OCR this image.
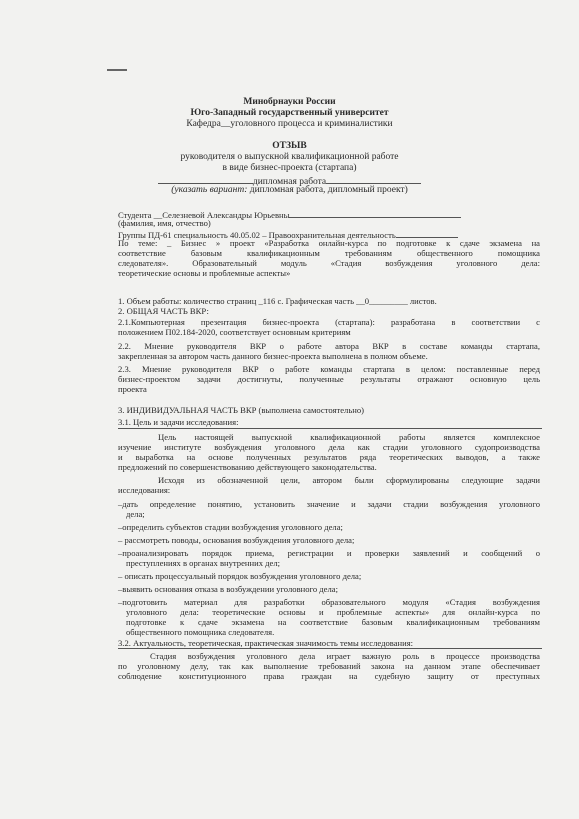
Минобрнауки России
Юго-Западный государственный университет
Кафедра__уголовного процесса и криминалистики
ОТЗЫВ
руководителя о выпускной квалификационной работе
в виде бизнес-проекта (стартапа)
дипломная работа
(указать вариант: дипломная работа, дипломный проект)
Студента __Селезневой Александры Юрьевны
(фамилия, имя, отчество)
Группы ПД-61 специальность 40.05.02 – Правоохранительная деятельность
По теме: _ Бизнес » проект «Разработка онлайн-курса по подготовке к сдаче экзамена на
соответствие базовым квалификационным требованиям общественного помощника
следователя». Образовательный модуль «Стадия возбуждения уголовного дела:
теоретические основы и проблемные аспекты»
1. Объем работы: количество страниц _116 с. Графическая часть __0_________ листов.
2. ОБЩАЯ ЧАСТЬ ВКР:
2.1.Компьютерная презентация бизнес-проекта (стартапа): разработана в соответствии с
положением П02.184-2020, соответствует основным критериям
2.2. Мнение руководителя ВКР о работе автора ВКР в составе команды стартапа,
закрепленная за автором часть данного бизнес-проекта выполнена в полном объеме.
2.3. Мнение руководителя ВКР о работе команды стартапа в целом: поставленные перед
бизнес-проектом задачи достигнуты, полученные результаты отражают основную цель
проекта
3. ИНДИВИДУАЛЬНАЯ ЧАСТЬ ВКР (выполнена самостоятельно)
3.1. Цель и задачи исследования:
Цель настоящей выпускной квалификационной работы является комплексное
изучение институте возбуждения уголовного дела как стадии уголовного судопроизводства
и выработка на основе полученных результатов ряда теоретических выводов, а также
предложений по совершенствованию действующего законодательства.
Исходя из обозначенной цели, автором были сформулированы следующие задачи
исследования:
–дать определение понятию, установить значение и задачи стадии возбуждения уголовного
дела;
–определить субъектов стадии возбуждения уголовного дела;
– рассмотреть поводы, основания возбуждения уголовного дела;
–проанализировать порядок приема, регистрации и проверки заявлений и сообщений о
преступлениях в органах внутренних дел;
– описать процессуальный порядок возбуждения уголовного дела;
–выявить основания отказа в возбуждении уголовного дела;
–подготовить материал для разработки образовательного модуля «Стадия возбуждения
уголовного дела: теоретические основы и проблемные аспекты» для онлайн-курса по
подготовке к сдаче экзамена на соответствие базовым квалификационным требованиям
общественного помощника следователя.
3.2. Актуальность, теоретическая, практическая значимость темы исследования:
Стадия возбуждения уголовного дела играет важную роль в процессе производства
по уголовному делу, так как выполнение требований закона на данном этапе обеспечивает
соблюдение конституционного права граждан на судебную защиту от преступных
